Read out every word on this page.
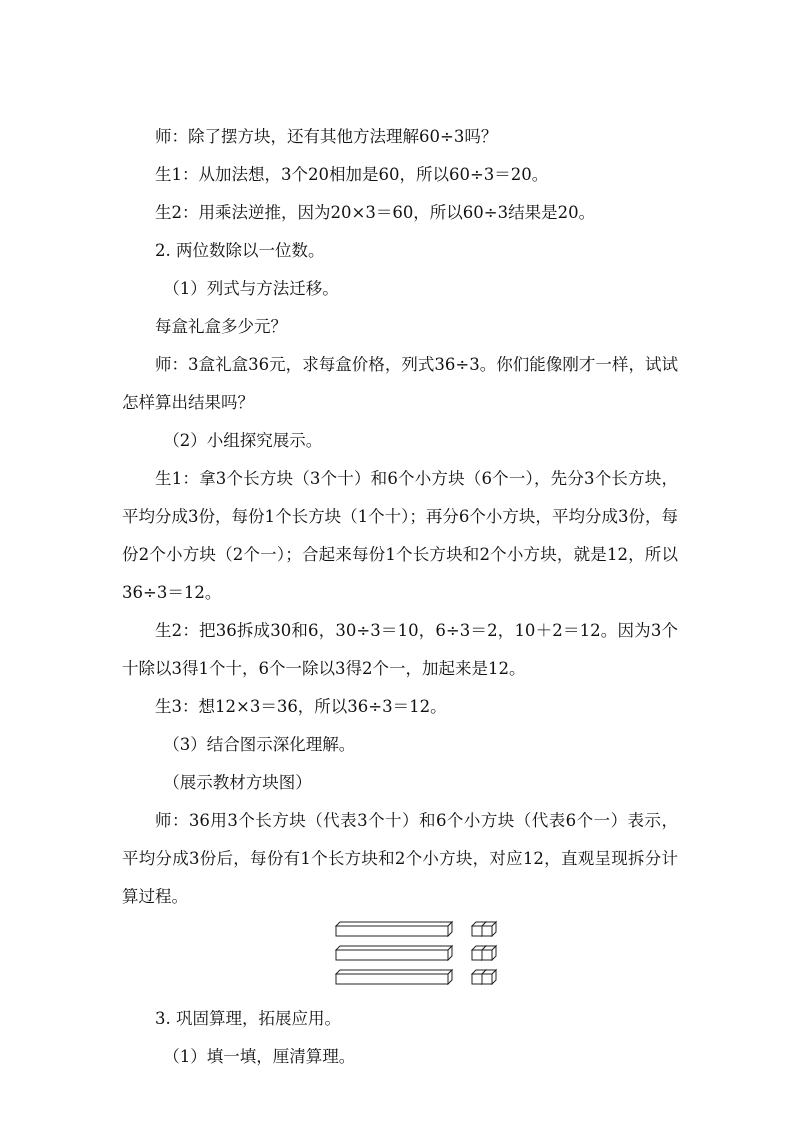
师：除了摆方块，还有其他方法理解60÷3吗？

生1：从加法想，3个20相加是60，所以60÷3＝20。

生2：用乘法逆推，因为20×3＝60，所以60÷3结果是20。

2. 两位数除以一位数。

（1）列式与方法迁移。

每盒礼盒多少元？

师：3盒礼盒36元，求每盒价格，列式36÷3。你们能像刚才一样，试试怎样算出结果吗？

（2）小组探究展示。

生1：拿3个长方块（3个十）和6个小方块（6个一），先分3个长方块，平均分成3份，每份1个长方块（1个十）；再分6个小方块，平均分成3份，每份2个小方块（2个一）；合起来每份1个长方块和2个小方块，就是12，所以36÷3＝12。

生2：把36拆成30和6，30÷3＝10，6÷3＝2，10＋2＝12。因为3个十除以3得1个十，6个一除以3得2个一，加起来是12。

生3：想12×3＝36，所以36÷3＝12。

（3）结合图示深化理解。

（展示教材方块图）

师：36用3个长方块（代表3个十）和6个小方块（代表6个一）表示，平均分成3份后，每份有1个长方块和2个小方块，对应12，直观呈现拆分计算过程。

3. 巩固算理，拓展应用。

（1）填一填，厘清算理。
